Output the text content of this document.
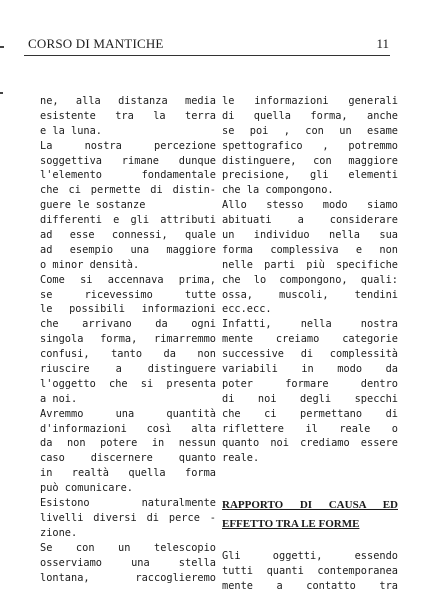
CORSO DI MANTICHE	11
ne, alla distanza media
esistente tra la terra
e la luna.
La nostra percezione
soggettiva rimane dunque
l'elemento fondamentale
che ci permette di distin-
guere le sostanze
differenti e gli attributi
ad esse connessi, quale
ad esempio una maggiore
o minor densità.
Come si accennava prima,
se ricevessimo tutte
le possibili informazioni
che arrivano da ogni
singola forma, rimarremmo
confusi, tanto da non
riuscire a distinguere
l'oggetto che si presenta
a noi.
Avremmo una quantità
d'informazioni così alta
da non potere in nessun
caso discernere quanto
in realtà quella forma
può comunicare.
Esistono naturalmente
livelli diversi di perce -
zione.
Se con un telescopio
osserviamo una stella
lontana, raccoglieremo
le informazioni generali
di quella forma, anche
se poi , con un esame
spettografico , potremmo
distinguere, con maggiore
precisione, gli elementi
che la compongono.
Allo stesso modo siamo
abituati a considerare
un individuo nella sua
forma complessiva e non
nelle parti più specifiche
che lo compongono, quali:
ossa, muscoli, tendini
ecc.ecc.
Infatti, nella nostra
mente creiamo categorie
successive di complessità
variabili in modo da
poter formare dentro
di noi degli specchi
che ci permettano di
riflettere il reale o
quanto noi crediamo essere
reale.
RAPPORTO DI CAUSA ED
EFFETTO TRA LE FORME
Gli oggetti, essendo
tutti quanti contemporanea
mente a contatto tra
